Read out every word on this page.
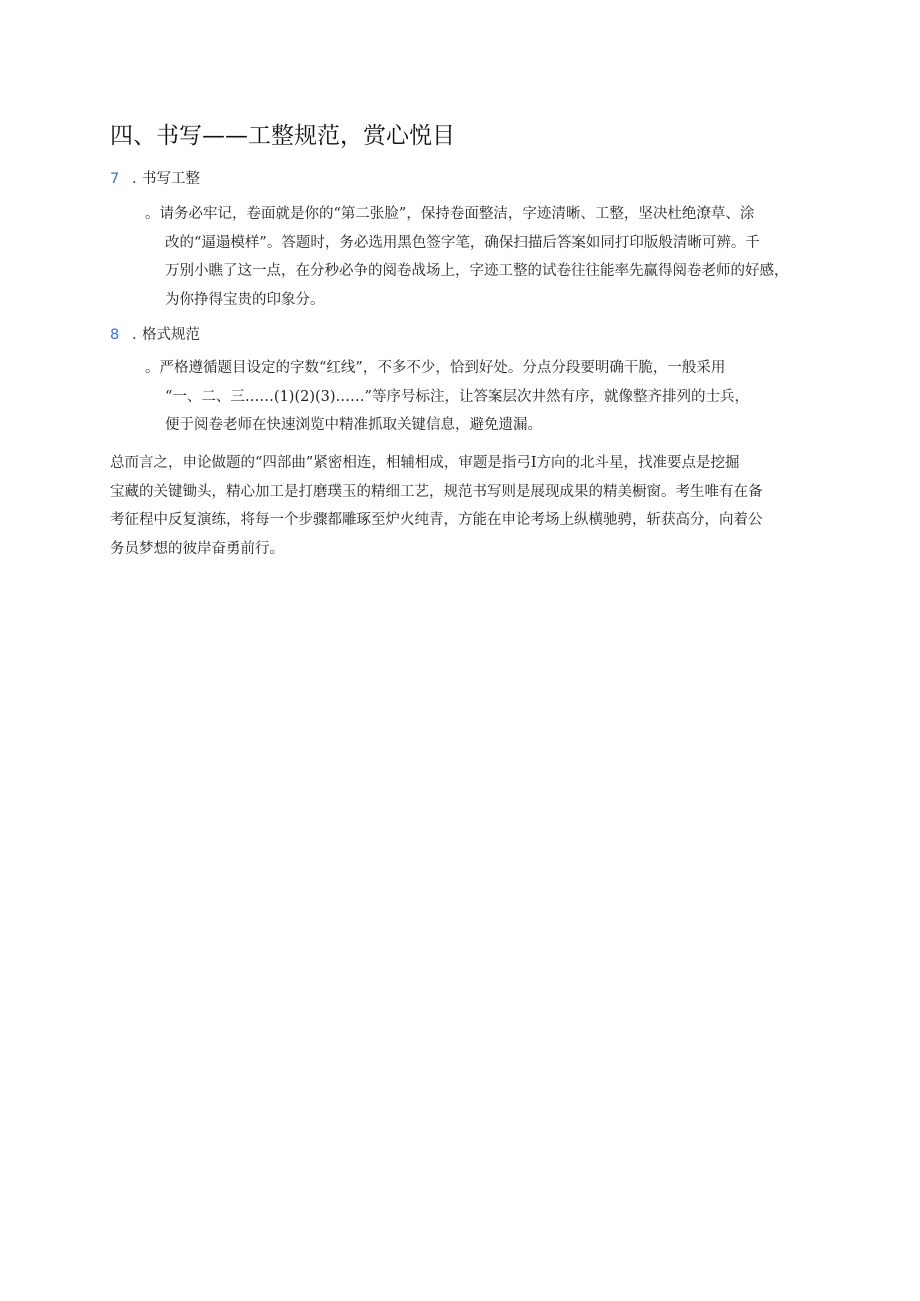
四、书写——工整规范，赏心悦目
7 . 书写工整
。请务必牢记，卷面就是你的“第二张脸”，保持卷面整洁，字迹清晰、工整，坚决杜绝潦草、涂
改的“逼遢模样”。答题时，务必选用黑色签字笔，确保扫描后答案如同打印版般清晰可辨。千
万别小瞧了这一点，在分秒必争的阅卷战场上，字迹工整的试卷往往能率先赢得阅卷老师的好感，
为你挣得宝贵的印象分。
8 . 格式规范
。严格遵循题目设定的字数“红线”，不多不少，恰到好处。分点分段要明确干脆，一般采用
“一、二、三……(1)(2)(3)……”等序号标注，让答案层次井然有序，就像整齐排列的士兵，
便于阅卷老师在快速浏览中精准抓取关键信息，避免遗漏。
总而言之，申论做题的“四部曲”紧密相连，相辅相成，审题是指弓I方向的北斗星，找准要点是挖掘
宝藏的关键锄头，精心加工是打磨璞玉的精细工艺，规范书写则是展现成果的精美橱窗。考生唯有在备
考征程中反复演练，将每一个步骤都雕琢至炉火纯青，方能在申论考场上纵横驰骋，斩获高分，向着公
务员梦想的彼岸奋勇前行。
